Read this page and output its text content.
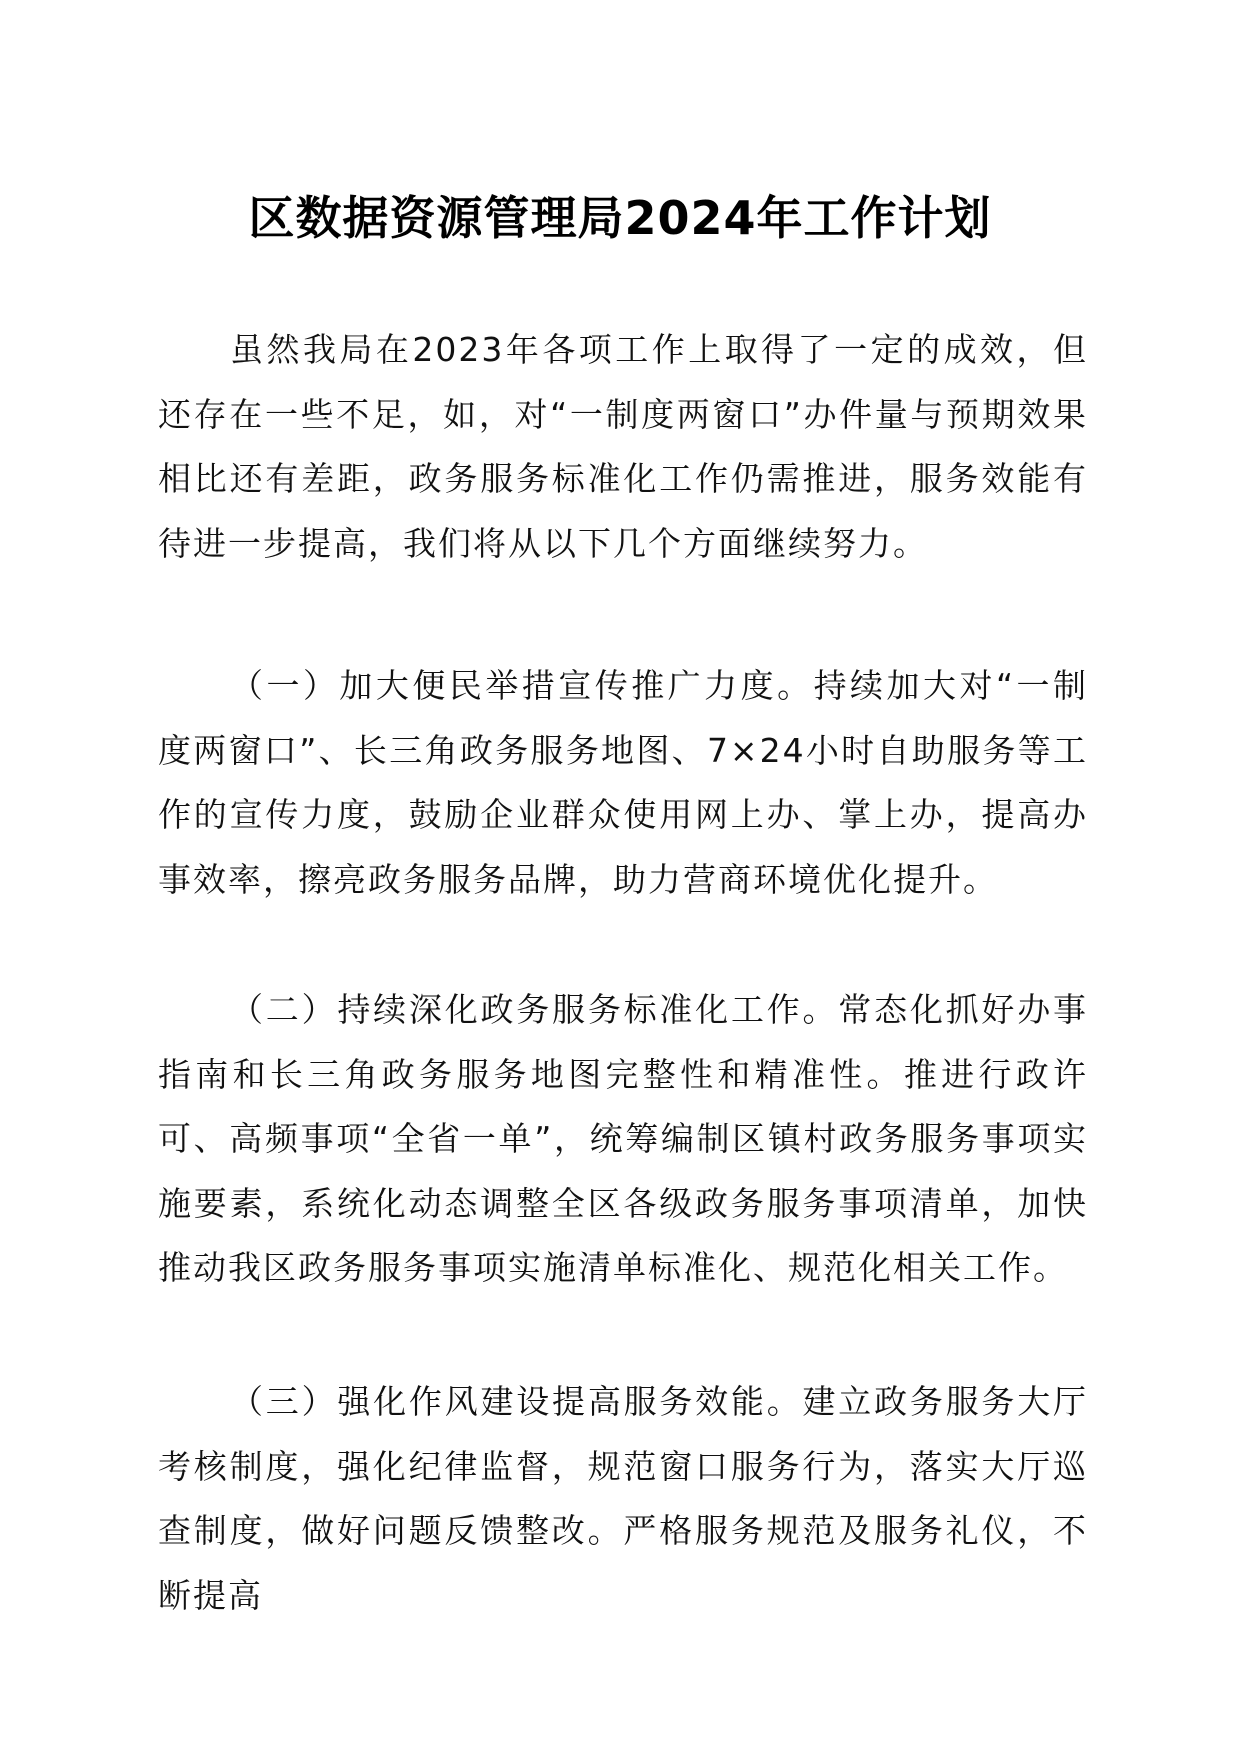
区数据资源管理局2024年工作计划

虽然我局在2023年各项工作上取得了一定的成效，但还存在一些不足，如，对“一制度两窗口”办件量与预期效果相比还有差距，政务服务标准化工作仍需推进，服务效能有待进一步提高，我们将从以下几个方面继续努力。

（一）加大便民举措宣传推广力度。持续加大对“一制度两窗口”、长三角政务服务地图、7×24小时自助服务等工作的宣传力度，鼓励企业群众使用网上办、掌上办，提高办事效率，擦亮政务服务品牌，助力营商环境优化提升。

（二）持续深化政务服务标准化工作。常态化抓好办事指南和长三角政务服务地图完整性和精准性。推进行政许可、高频事项“全省一单”，统筹编制区镇村政务服务事项实施要素，系统化动态调整全区各级政务服务事项清单，加快推动我区政务服务事项实施清单标准化、规范化相关工作。

（三）强化作风建设提高服务效能。建立政务服务大厅考核制度，强化纪律监督，规范窗口服务行为，落实大厅巡查制度，做好问题反馈整改。严格服务规范及服务礼仪，不断提高
